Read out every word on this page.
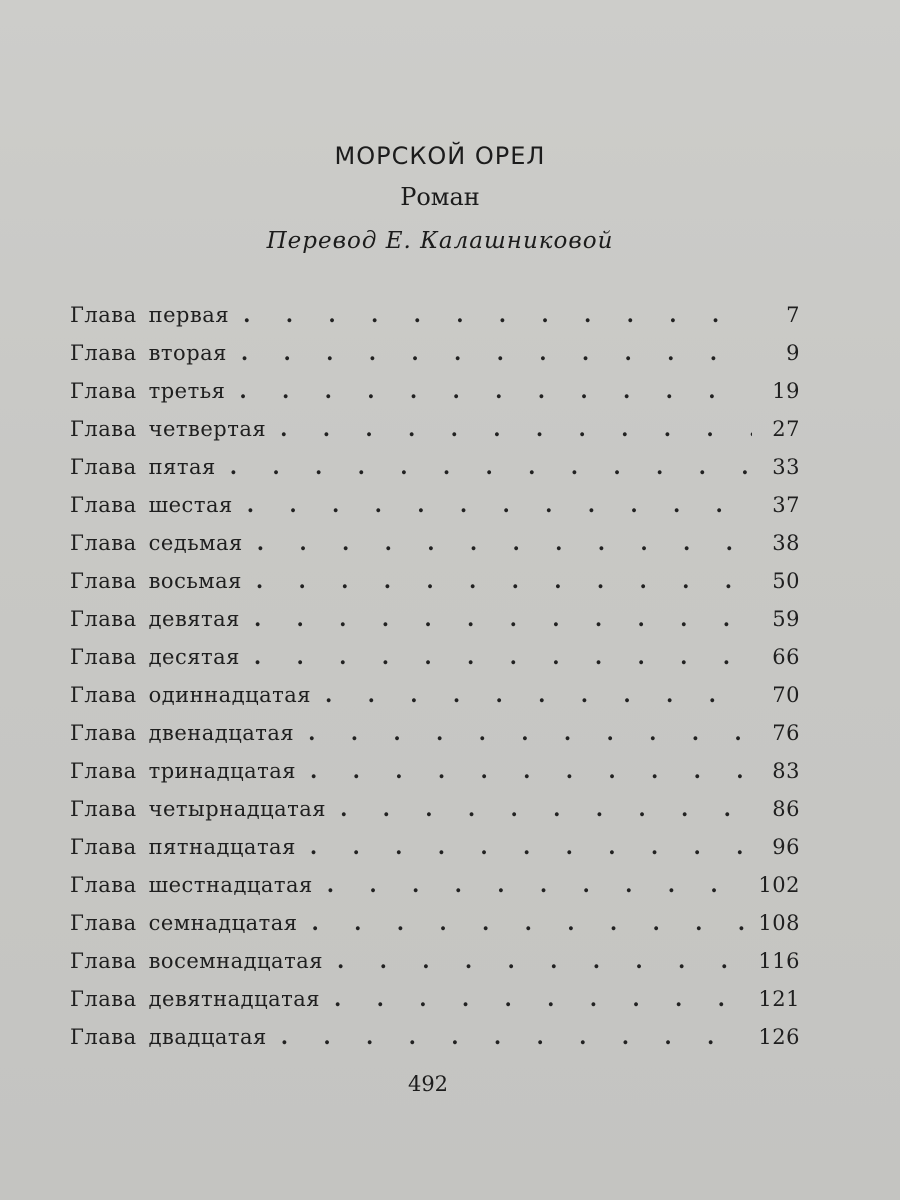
МОРСКОЙ ОРЕЛ
Роман
Перевод Е. Калашниковой
Глава первая . . .	7
Глава вторая . . .	9
Глава третья . . .	19
Глава четвертая . . .	27
Глава пятая . . .	33
Глава шестая . . .	37
Глава седьмая . . .	38
Глава восьмая . . .	50
Глава девятая . . .	59
Глава десятая . . .	66
Глава одиннадцатая . . .	70
Глава двенадцатая . . .	76
Глава тринадцатая . . .	83
Глава четырнадцатая . . .	86
Глава пятнадцатая . . .	96
Глава шестнадцатая . . .	102
Глава семнадцатая . . .	108
Глава восемнадцатая . . .	116
Глава девятнадцатая . . .	121
Глава двадцатая . . .	126
492
